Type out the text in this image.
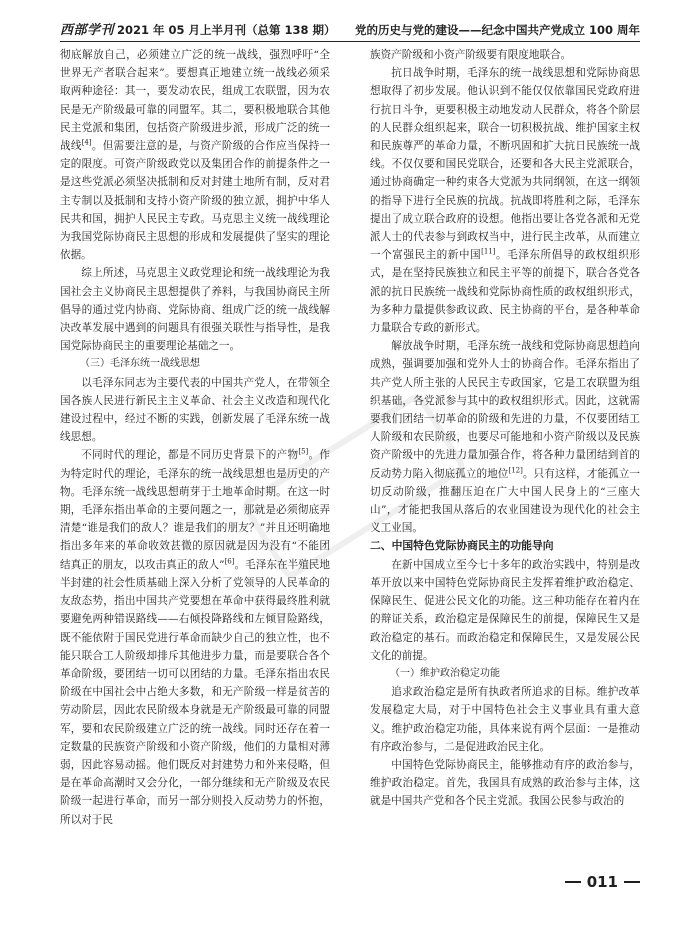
西部学刊 2021 年 05 月上半月刊（总第 138 期） 党的历史与党的建设——纪念中国共产党成立 100 周年

彻底解放自己，必须建立广泛的统一战线，强烈呼吁“全世界无产者联合起来”。要想真正地建立统一战线必须采取两种途径：其一，要发动农民，组成工农联盟，因为农民是无产阶级最可靠的同盟军。其二，要积极地联合其他民主党派和集团，包括资产阶级进步派，形成广泛的统一战线[4]。但需要注意的是，与资产阶级的合作应当保持一定的限度。可资产阶级政党以及集团合作的前提条件之一是这些党派必须坚决抵制和反对封建土地所有制，反对君主专制以及抵制和支持小资产阶级的独立派，拥护中华人民共和国，拥护人民民主专政。马克思主义统一战线理论为我国党际协商民主思想的形成和发展提供了坚实的理论依据。

综上所述，马克思主义政党理论和统一战线理论为我国社会主义协商民主思想提供了养料，与我国协商民主所倡导的通过党内协商、党际协商、组成广泛的统一战线解决改革发展中遇到的问题具有很强关联性与指导性，是我国党际协商民主的重要理论基础之一。

（三）毛泽东统一战线思想

以毛泽东同志为主要代表的中国共产党人，在带领全国各族人民进行新民主主义革命、社会主义改造和现代化建设过程中，经过不断的实践，创新发展了毛泽东统一战线思想。

不同时代的理论，都是不同历史背景下的产物[5]。作为特定时代的理论，毛泽东的统一战线思想也是历史的产物。毛泽东统一战线思想萌芽于土地革命时期。在这一时期，毛泽东指出革命的主要问题之一，那就是必须彻底弄清楚“谁是我们的敌人？谁是我们的朋友？”并且还明确地指出多年来的革命收效甚微的原因就是因为没有“不能团结真正的朋友，以攻击真正的敌人”[6]。毛泽东在半殖民地半封建的社会性质基础上深入分析了党领导的人民革命的友敌态势，指出中国共产党要想在革命中获得最终胜利就要避免两种错误路线——右倾投降路线和左倾冒险路线，既不能依附于国民党进行革命而缺少自己的独立性，也不能只联合工人阶级却排斥其他进步力量，而是要联合各个革命阶级，要团结一切可以团结的力量。毛泽东指出农民阶级在中国社会中占绝大多数，和无产阶级一样是贫苦的劳动阶层，因此农民阶级本身就是无产阶级最可靠的同盟军，要和农民阶级建立广泛的统一战线。同时还存在着一定数量的民族资产阶级和小资产阶级，他们的力量相对薄弱，因此容易动摇。他们既反对封建势力和外来侵略，但是在革命高潮时又会分化，一部分继续和无产阶级及农民阶级一起进行革命，而另一部分则投入反动势力的怀抱，所以对于民

族资产阶级和小资产阶级要有限度地联合。

抗日战争时期，毛泽东的统一战线思想和党际协商思想取得了初步发展。他认识到不能仅仅依靠国民党政府进行抗日斗争，更要积极主动地发动人民群众，将各个阶层的人民群众组织起来，联合一切积极抗战、维护国家主权和民族尊严的革命力量，不断巩固和扩大抗日民族统一战线。不仅仅要和国民党联合，还要和各大民主党派联合，通过协商确定一种约束各大党派为共同纲领，在这一纲领的指导下进行全民族的抗战。抗战即将胜利之际，毛泽东提出了成立联合政府的设想。他指出要让各党各派和无党派人士的代表参与到政权当中，进行民主改革，从而建立一个富强民主的新中国[11]。毛泽东所倡导的政权组织形式，是在坚持民族独立和民主平等的前提下，联合各党各派的抗日民族统一战线和党际协商性质的政权组织形式，为多种力量提供参政议政、民主协商的平台，是各种革命力量联合专政的新形式。

解放战争时期，毛泽东统一战线和党际协商思想趋向成熟，强调要加强和党外人士的协商合作。毛泽东指出了共产党人所主张的人民民主专政国家，它是工农联盟为组织基础，各党派参与其中的政权组织形式。因此，这就需要我们团结一切革命的阶级和先进的力量，不仅要团结工人阶级和农民阶级，也要尽可能地和小资产阶级以及民族资产阶级中的先进力量加强合作，将各种力量团结到首的反动势力陷入彻底孤立的地位[12]。只有这样，才能孤立一切反动阶级，推翻压迫在广大中国人民身上的“三座大山”，才能把我国从落后的农业国建设为现代化的社会主义工业国。

二、中国特色党际协商民主的功能导向

在新中国成立至今七十多年的政治实践中，特别是改革开放以来中国特色党际协商民主发挥着维护政治稳定、保障民生、促进公民文化的功能。这三种功能存在着内在的辩证关系，政治稳定是保障民生的前提，保障民生又是政治稳定的基石。而政治稳定和保障民生，又是发展公民文化的前提。

（一）维护政治稳定功能

追求政治稳定是所有执政者所追求的目标。维护改革发展稳定大局，对于中国特色社会主义事业具有重大意义。维护政治稳定功能，具体来说有两个层面：一是推动有序政治参与，二是促进政治民主化。

中国特色党际协商民主，能够推动有序的政治参与，维护政治稳定。首先，我国具有成熟的政治参与主体，这就是中国共产党和各个民主党派。我国公民参与政治的

011
